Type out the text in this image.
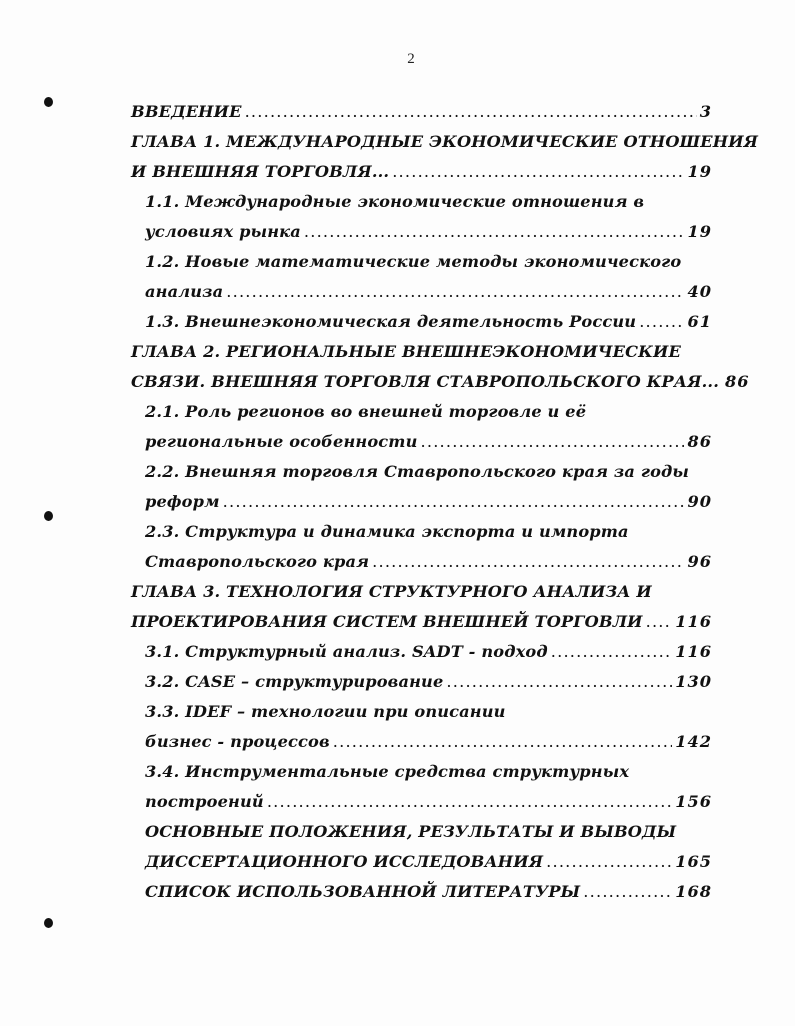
2
ВВЕДЕНИЕ .....	3
ГЛАВА 1. МЕЖДУНАРОДНЫЕ ЭКОНОМИЧЕСКИЕ ОТНОШЕНИЯ
И ВНЕШНЯЯ ТОРГОВЛЯ... .....	19
1.1. Международные экономические отношения в
условиях рынка .....	19
1.2. Новые математические методы экономического
анализа .....	40
1.3. Внешнеэкономическая деятельность России .....	61
ГЛАВА 2. РЕГИОНАЛЬНЫЕ ВНЕШНЕЭКОНОМИЧЕСКИЕ
СВЯЗИ. ВНЕШНЯЯ ТОРГОВЛЯ СТАВРОПОЛЬСКОГО КРАЯ... 86
2.1. Роль регионов во внешней торговле и её
региональные особенности .....	86
2.2. Внешняя торговля Ставропольского края за годы
реформ .....	90
2.3. Структура и динамика экспорта и импорта
Ставропольского края .....	96
ГЛАВА 3. ТЕХНОЛОГИЯ СТРУКТУРНОГО АНАЛИЗА И
ПРОЕКТИРОВАНИЯ СИСТЕМ ВНЕШНЕЙ ТОРГОВЛИ ..... 116
3.1. Структурный анализ. SADT - подход .....	116
3.2. CASE – структурирование .....	130
3.3. IDEF – технологии при описании
бизнес - процессов .....	142
3.4. Инструментальные средства структурных
построений .....	156
ОСНОВНЫЕ ПОЛОЖЕНИЯ, РЕЗУЛЬТАТЫ И ВЫВОДЫ
ДИССЕРТАЦИОННОГО ИССЛЕДОВАНИЯ .....	165
СПИСОК ИСПОЛЬЗОВАННОЙ ЛИТЕРАТУРЫ .....	168
